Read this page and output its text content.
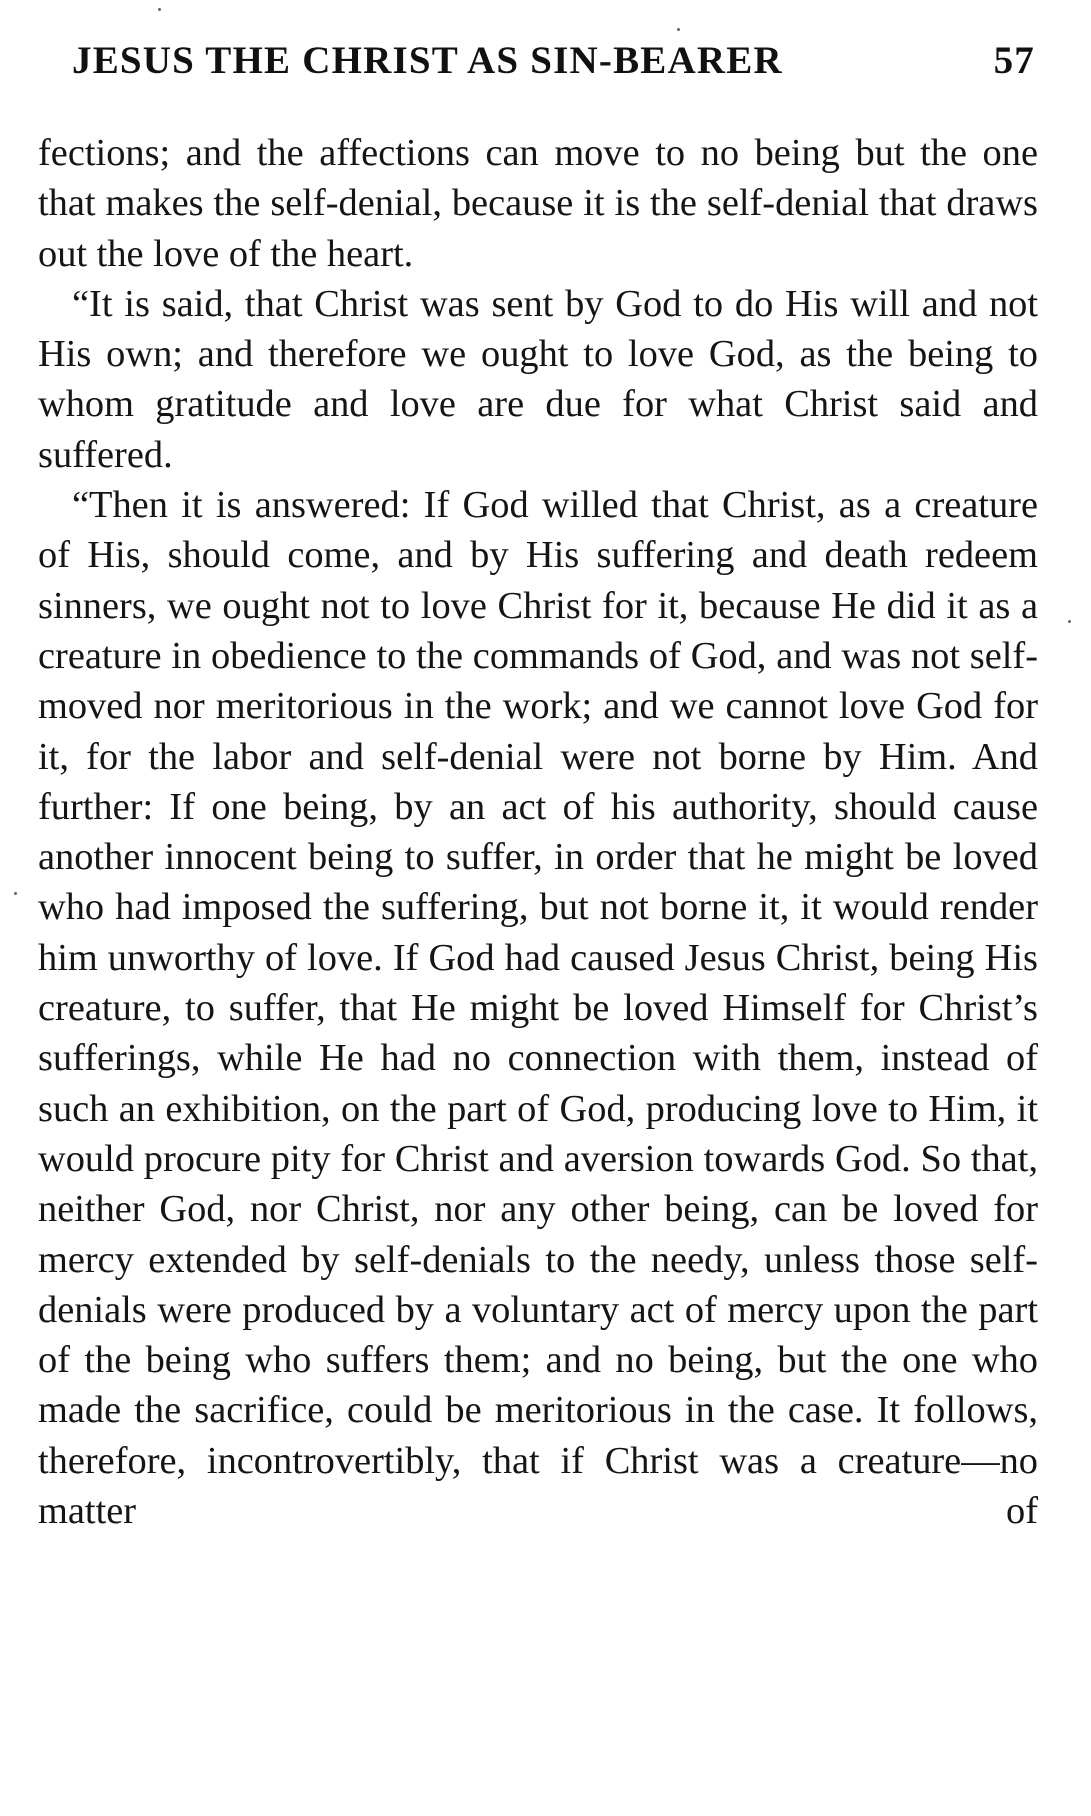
JESUS THE CHRIST AS SIN-BEARER	57

fections; and the affections can move to no being but the one that makes the self-denial, because it is the self-denial that draws out the love of the heart.

“It is said, that Christ was sent by God to do His will and not His own; and therefore we ought to love God, as the being to whom gratitude and love are due for what Christ said and suffered.

“Then it is answered: If God willed that Christ, as a creature of His, should come, and by His suffering and death redeem sinners, we ought not to love Christ for it, because He did it as a creature in obedience to the commands of God, and was not self-moved nor meritorious in the work; and we cannot love God for it, for the labor and self-denial were not borne by Him. And further: If one being, by an act of his authority, should cause another innocent being to suffer, in order that he might be loved who had imposed the suffering, but not borne it, it would render him unworthy of love. If God had caused Jesus Christ, being His creature, to suffer, that He might be loved Himself for Christ’s sufferings, while He had no connection with them, instead of such an exhibition, on the part of God, producing love to Him, it would procure pity for Christ and aversion towards God. So that, neither God, nor Christ, nor any other being, can be loved for mercy extended by self-denials to the needy, unless those self-denials were produced by a voluntary act of mercy upon the part of the being who suffers them; and no being, but the one who made the sacrifice, could be meritorious in the case. It follows, therefore, incontrovertibly, that if Christ was a creature—no matter of
